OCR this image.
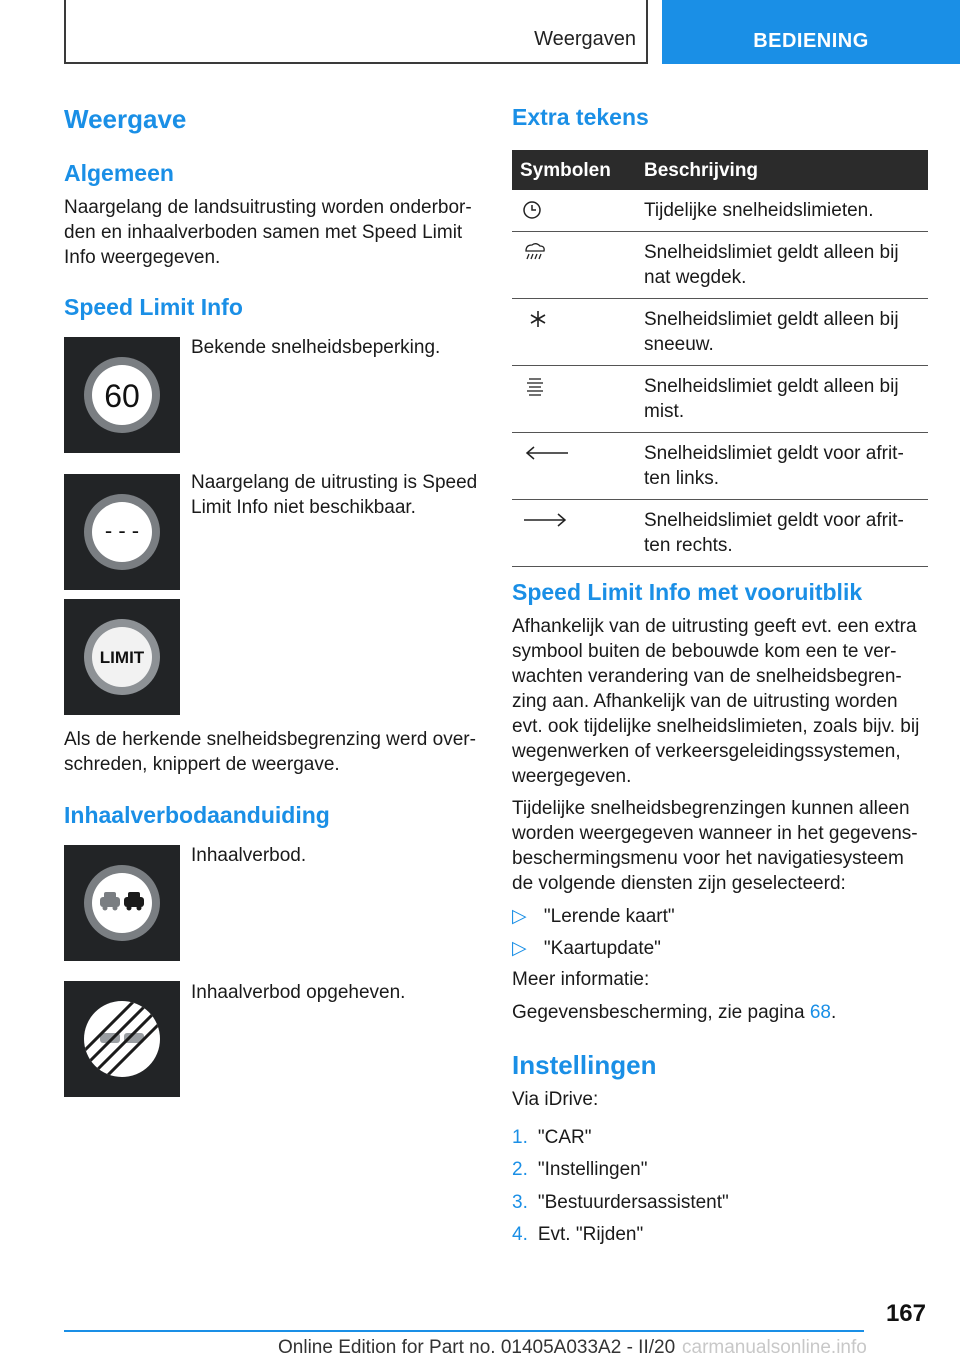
Weergaven	BEDIENING
Weergave
Algemeen
Naargelang de landsuitrusting worden onderbor‐
den en inhaalverboden samen met Speed Limit
Info weergegeven.
Speed Limit Info
60
Bekende snelheidsbeperking.
- - -
Naargelang de uitrusting is Speed
Limit Info niet beschikbaar.
LIMIT
Als de herkende snelheidsbegrenzing werd over‐
schreden, knippert de weergave.
Inhaalverbodaanduiding
Inhaalverbod.
Inhaalverbod opgeheven.
Extra tekens
Symbolen Beschrijving
Tijdelijke snelheidslimieten.
Snelheidslimiet geldt alleen bij nat wegdek.
Snelheidslimiet geldt alleen bij sneeuw.
Snelheidslimiet geldt alleen bij mist.
Snelheidslimiet geldt voor afrit‐ ten links.
Snelheidslimiet geldt voor afrit‐ ten rechts.
Speed Limit Info met vooruitblik
Afhankelijk van de uitrusting geeft evt. een extra symbool buiten de bebouwde kom een te ver‐ wachten verandering van de snelheidsbegren‐ zing aan. Afhankelijk van de uitrusting worden evt. ook tijdelijke snelheidslimieten, zoals bijv. bij wegenwerken of verkeersgeleidingssystemen, weergegeven.
Tijdelijke snelheidsbegrenzingen kunnen alleen worden weergegeven wanneer in het gegevens‐ beschermingsmenu voor het navigatiesysteem de volgende diensten zijn geselecteerd:
▷ "Lerende kaart"
▷ "Kaartupdate"
Meer informatie:
Gegevensbescherming, zie pagina 68.
Instellingen
Via iDrive:
1. "CAR"
2. "Instellingen"
3. "Bestuurdersassistent"
4. Evt. "Rijden"
167
Online Edition for Part no. 01405A033A2 - II/20 carmanualsonline.info
